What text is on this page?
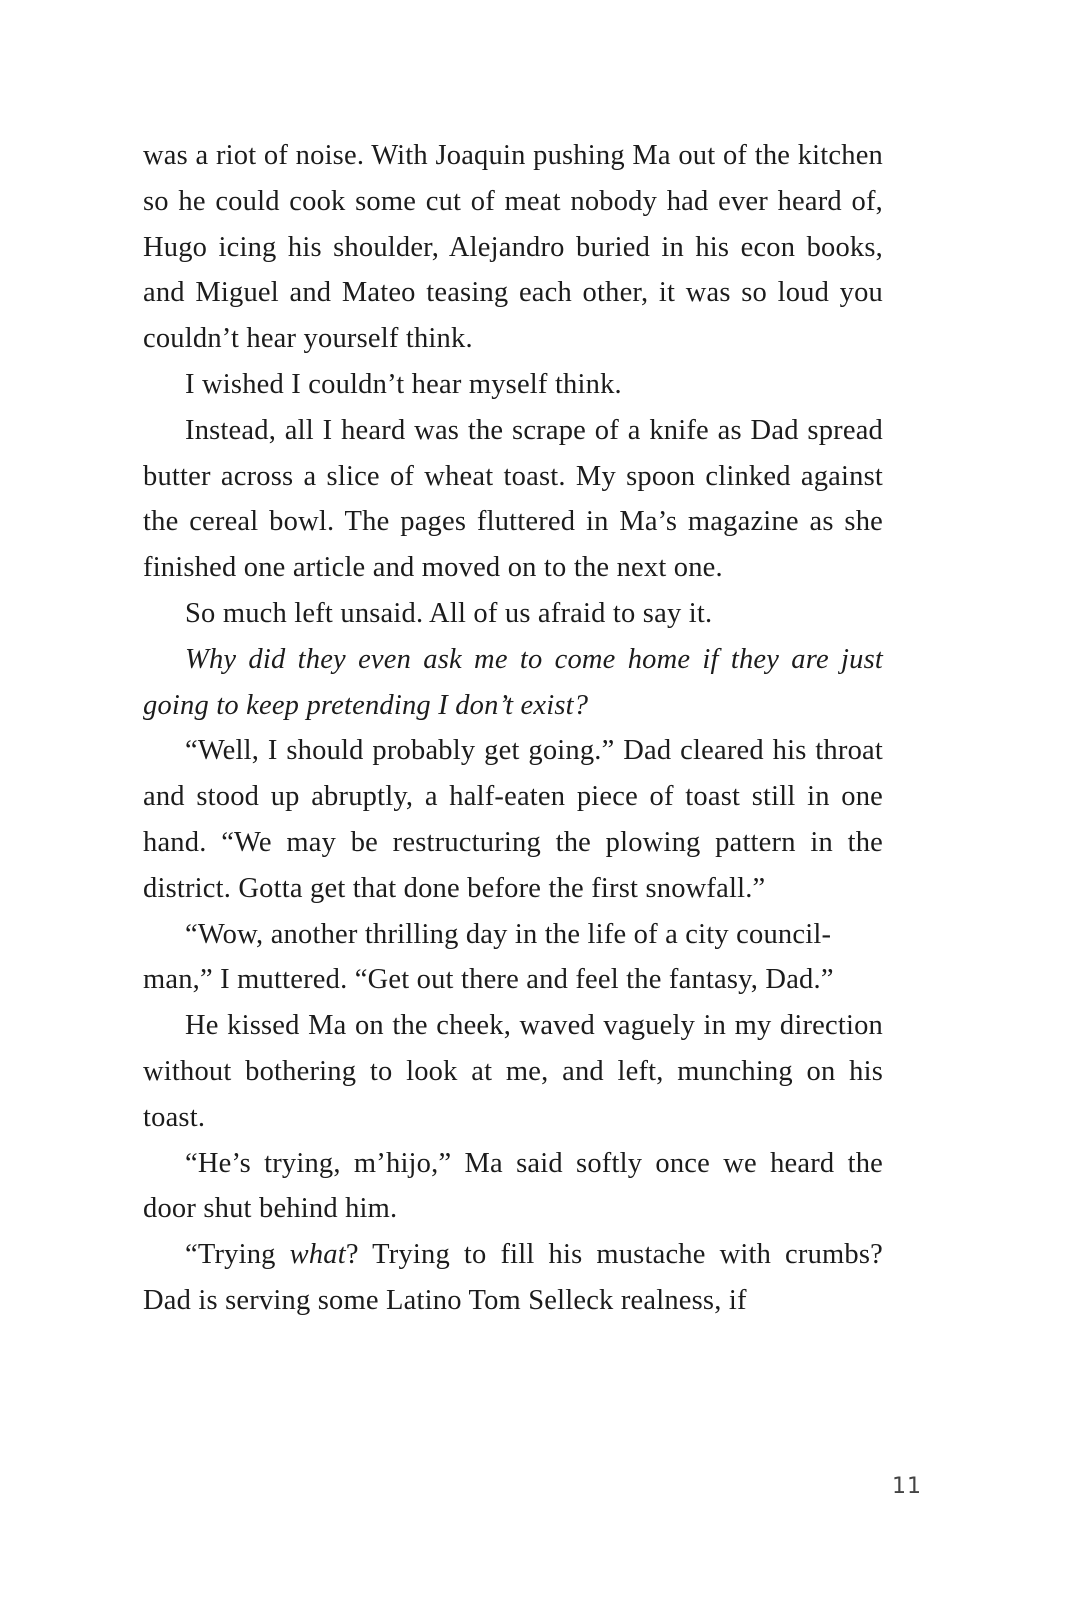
was a riot of noise. With Joaquin pushing Ma out of the kitchen so he could cook some cut of meat nobody had ever heard of, Hugo icing his shoulder, Alejandro buried in his econ books, and Miguel and Mateo teasing each other, it was so loud you couldn’t hear yourself think.

I wished I couldn’t hear myself think.

Instead, all I heard was the scrape of a knife as Dad spread butter across a slice of wheat toast. My spoon clinked against the cereal bowl. The pages fluttered in Ma’s magazine as she finished one article and moved on to the next one.

So much left unsaid. All of us afraid to say it.

Why did they even ask me to come home if they are just going to keep pretending I don’t exist?

“Well, I should probably get going.” Dad cleared his throat and stood up abruptly, a half-eaten piece of toast still in one hand. “We may be restructuring the plowing pattern in the district. Gotta get that done before the first snowfall.”

“Wow, another thrilling day in the life of a city council-
man,” I muttered. “Get out there and feel the fantasy, Dad.”

He kissed Ma on the cheek, waved vaguely in my direction without bothering to look at me, and left, munching on his toast.

“He’s trying, m’hijo,” Ma said softly once we heard the door shut behind him.

“Trying what? Trying to fill his mustache with crumbs? Dad is serving some Latino Tom Selleck realness, if

11
